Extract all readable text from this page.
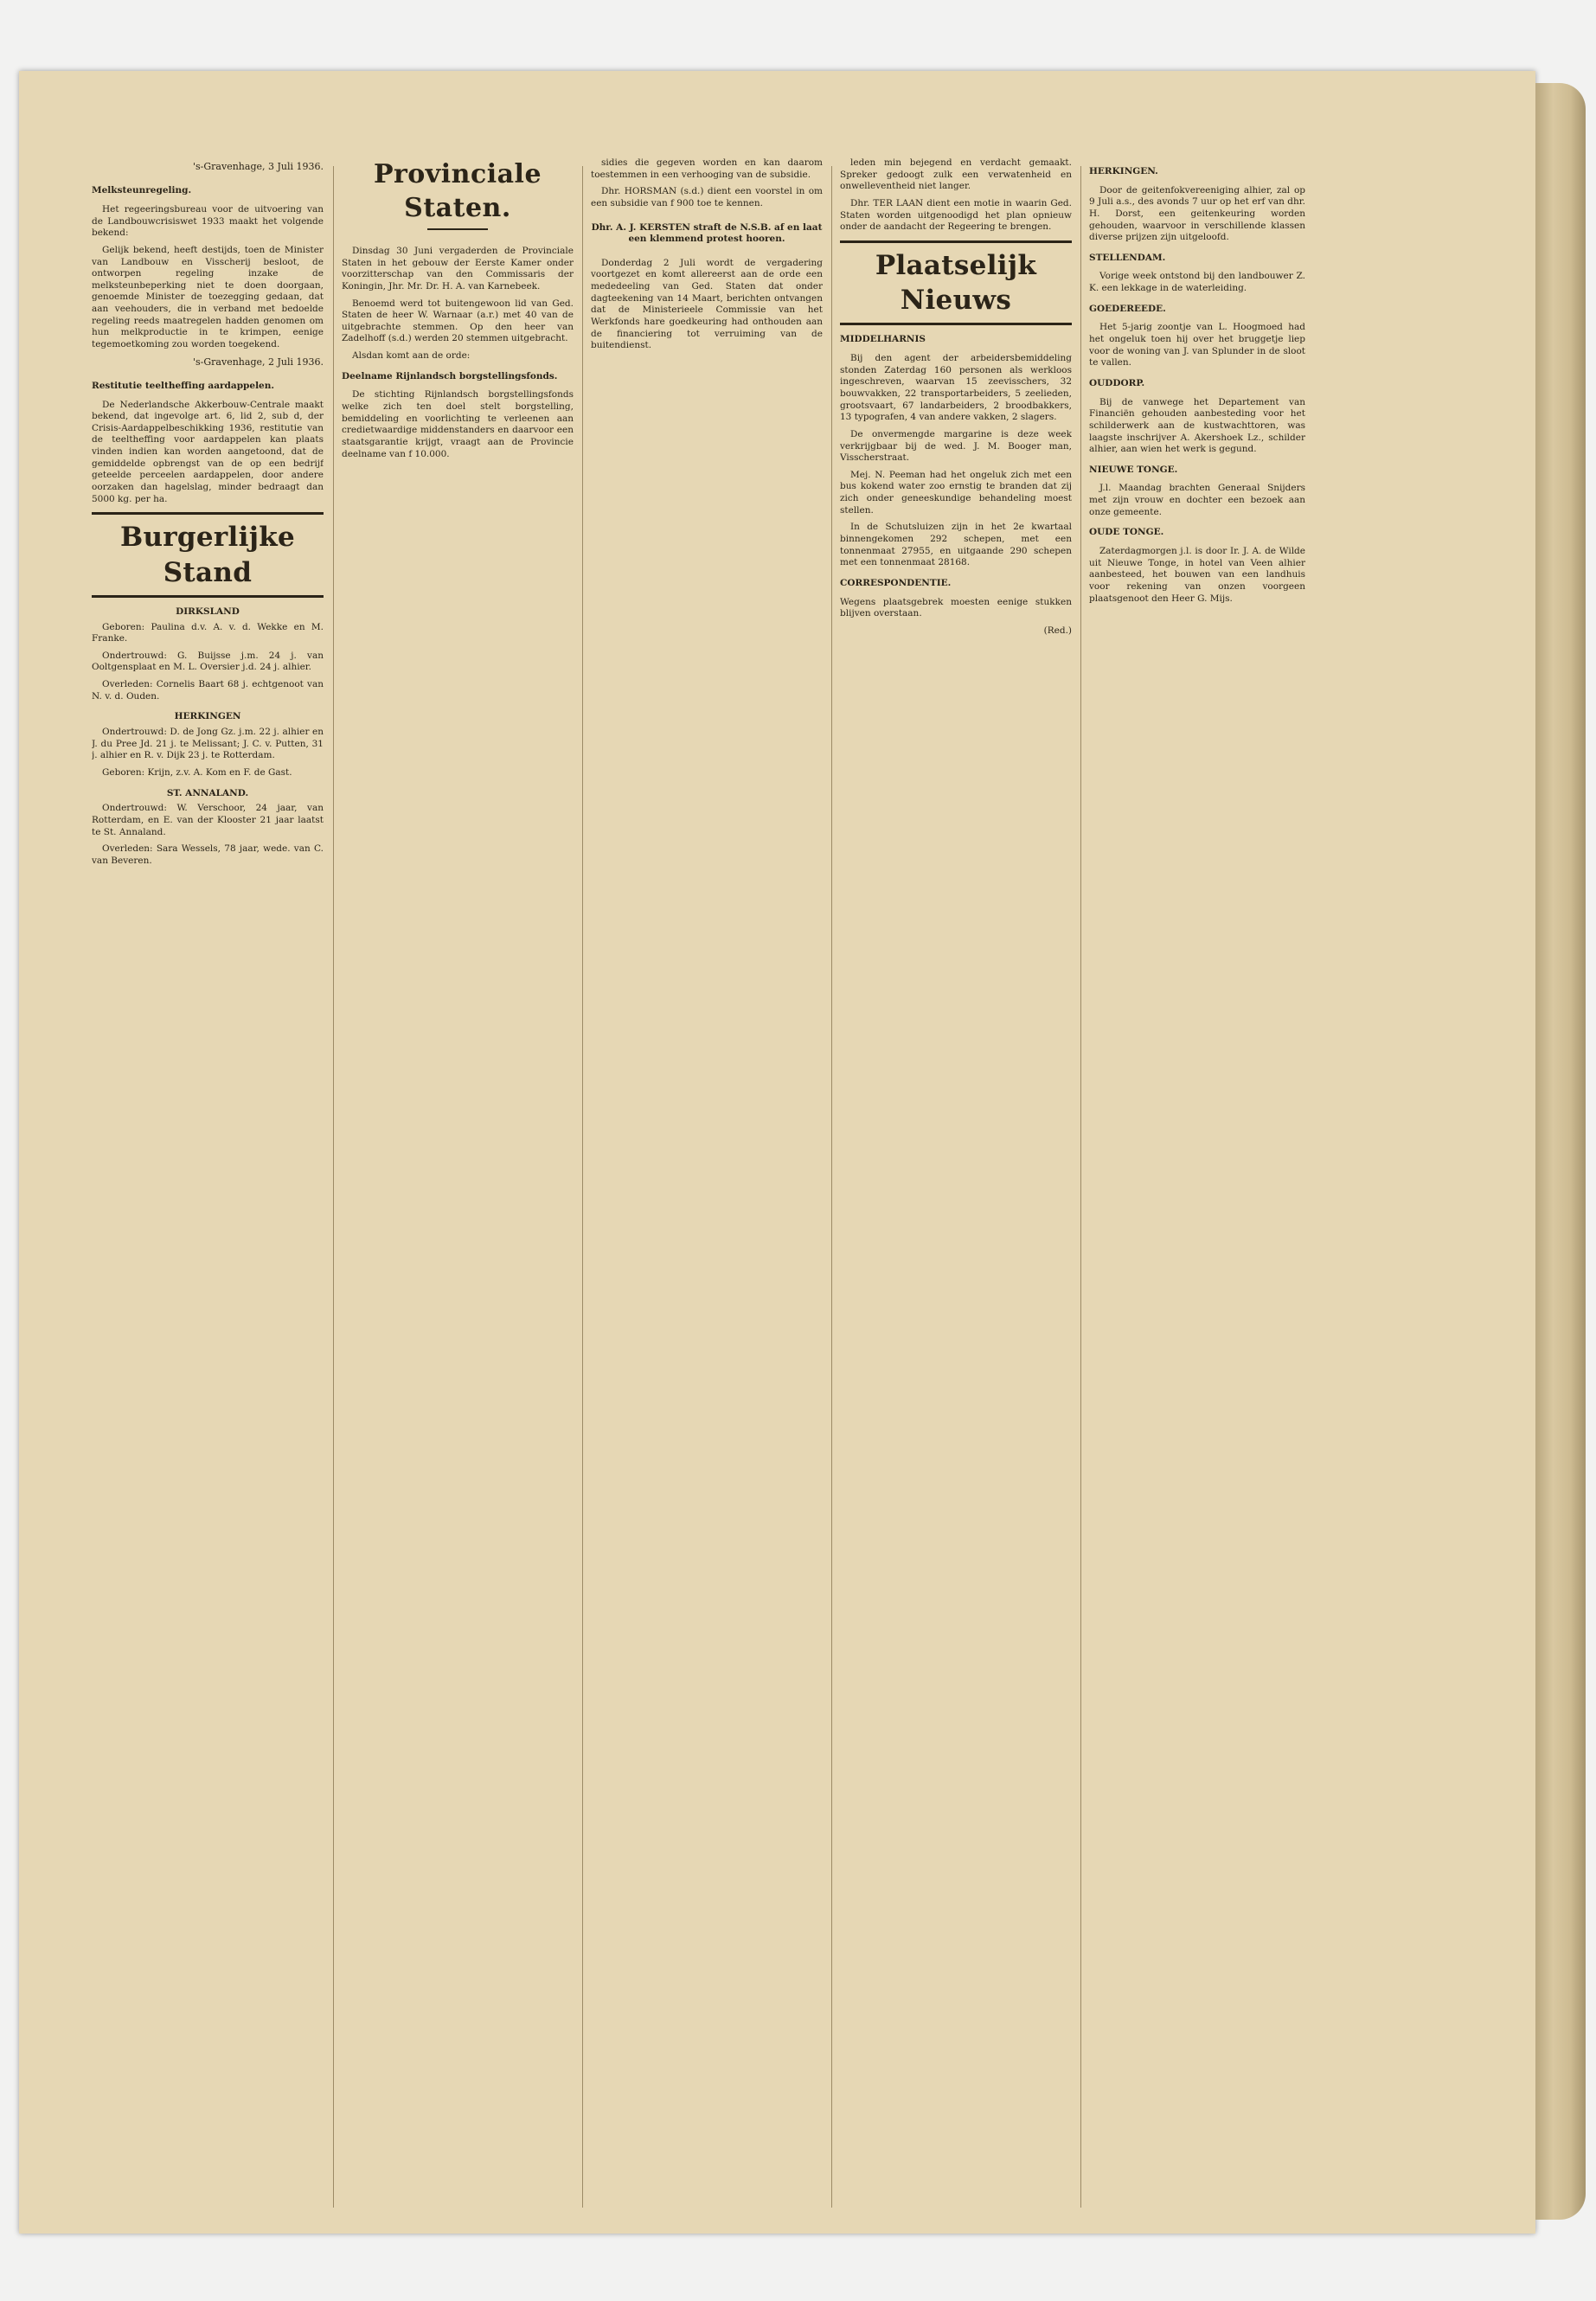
's-Gravenhage, 3 Juli 1936.
Melksteunregeling.

Het regeeringsbureau voor de uitvoering van de Landbouwcrisiswet 1933 maakt het volgende bekend:

Gelijk bekend, heeft destijds, toen de Minister van Landbouw en Visscherij besloot, de ontworpen regeling inzake de melksteunbeperking niet te doen doorgaan, genoemde Minister de toezegging gedaan, dat aan veehouders, die in verband met bedoelde regeling reeds maatregelen hadden genomen om hun melkproductie in te krimpen, eenige tegemoetkoming zou worden toegekend.

's-Gravenhage, 2 Juli 1936.
Restitutie teeltheffing aardappelen.

De Nederlandsche Akkerbouw-Centrale maakt bekend, dat ingevolge art. 6, lid 2, sub d, der Crisis-Aardappelbeschikking 1936, restitutie van de teeltheffing voor aardappelen kan plaats vinden indien kan worden aangetoond, dat de gemiddelde opbrengst van de op een bedrijf geteelde perceelen aardappelen, door andere oorzaken dan hagelslag, minder bedraagt dan 5000 kg. per ha.

Burgerlijke Stand
DIRKSLAND

Geboren: Paulina d.v. A. v. d. Wekke en M. Franke.

Ondertrouwd: G. Buijsse j.m. 24 j. van Ooltgensplaat en M. L. Oversier j.d. 24 j. alhier.

Overleden: Cornelis Baart 68 j. echtgenoot van N. v. d. Ouden.

HERKINGEN

Ondertrouwd: D. de Jong Gz. j.m. 22 j. alhier en J. du Pree Jd. 21 j. te Melissant; J. C. v. Putten, 31 j. alhier en R. v. Dijk 23 j. te Rotterdam.

Geboren: Krijn, z.v. A. Kom en F. de Gast.

ST. ANNALAND.

Ondertrouwd: W. Verschoor, 24 jaar, van Rotterdam, en E. van der Klooster 21 jaar laatst te St. Annaland.

Overleden: Sara Wessels, 78 jaar, wede. van C. van Beveren.

Provinciale Staten.

Dinsdag 30 Juni vergaderden de Provinciale Staten in het gebouw der Eerste Kamer onder voorzitterschap van den Commissaris der Koningin, Jhr. Mr. Dr. H. A. van Karnebeek.

Benoemd werd tot buitengewoon lid van Ged. Staten de heer W. Warnaar (a.r.) met 40 van de uitgebrachte stemmen. Op den heer van Zadelhoff (s.d.) werden 20 stemmen uitgebracht.

Alsdan komt aan de orde:

Deelname Rijnlandsch borgstellingsfonds.

De stichting Rijnlandsch borgstellingsfonds welke zich ten doel stelt borgstelling, bemiddeling en voorlichting te verleenen aan credietwaardige middenstanders en daarvoor een staatsgarantie krijgt, vraagt aan de Provincie deelname van f 10.000.

sidies die gegeven worden en kan daarom toestemmen in een verhooging van de subsidie.

Dhr. HORSMAN (s.d.) dient een voorstel in om een subsidie van f 900 toe te kennen.

Dhr. A. J. KERSTEN straft de N.S.B. af en laat een klemmend protest hooren.

Donderdag 2 Juli wordt de vergadering voortgezet en komt allereerst aan de orde een mededeeling van Ged. Staten dat onder dagteekening van 14 Maart, berichten ontvangen dat de Ministerieele Commissie van het Werkfonds hare goedkeuring had onthouden aan de financiering tot verruiming van de buitendienst.

leden min bejegend en verdacht gemaakt. Spreker gedoogt zulk een verwatenheid en onwelleventheid niet langer.

Dhr. TER LAAN dient een motie in waarin Ged. Staten worden uitgenoodigd het plan opnieuw onder de aandacht der Regeering te brengen.

Plaatselijk Nieuws
MIDDELHARNIS

Bij den agent der arbeidersbemiddeling stonden Zaterdag 160 personen als werkloos ingeschreven, waarvan 15 zeevisschers, 32 bouwvakken, 22 transportarbeiders, 5 zeelieden, grootsvaart, 67 landarbeiders, 2 broodbakkers, 13 typografen, 4 van andere vakken, 2 slagers.

De onvermengde margarine is deze week verkrijgbaar bij de wed. J. M. Booger man, Visscherstraat.

Mej. N. Peeman had het ongeluk zich met een bus kokend water zoo ernstig te branden dat zij zich onder geneeskundige behandeling moest stellen.

In de Schutsluizen zijn in het 2e kwartaal binnengekomen 292 schepen, met een tonnenmaat 27955, en uitgaande 290 schepen met een tonnenmaat 28168.

CORRESPONDENTIE.

Wegens plaatsgebrek moesten eenige stukken blijven overstaan.

(Red.)
HERKINGEN.

Door de geitenfokvereeniging alhier, zal op 9 Juli a.s., des avonds 7 uur op het erf van dhr. H. Dorst, een geitenkeuring worden gehouden, waarvoor in verschillende klassen diverse prijzen zijn uitgeloofd.

STELLENDAM.

Vorige week ontstond bij den landbouwer Z. K. een lekkage in de waterleiding.

GOEDEREEDE.

Het 5-jarig zoontje van L. Hoogmoed had het ongeluk toen hij over het bruggetje liep voor de woning van J. van Splunder in de sloot te vallen.

OUDDORP.

Bij de vanwege het Departement van Financiën gehouden aanbesteding voor het schilderwerk aan de kustwachttoren, was laagste inschrijver A. Akershoek Lz., schilder alhier, aan wien het werk is gegund.

NIEUWE TONGE.

J.l. Maandag brachten Generaal Snijders met zijn vrouw en dochter een bezoek aan onze gemeente.

OUDE TONGE.

Zaterdagmorgen j.l. is door Ir. J. A. de Wilde uit Nieuwe Tonge, in hotel van Veen alhier aanbesteed, het bouwen van een landhuis voor rekening van onzen voorgeen plaatsgenoot den Heer G. Mijs.
